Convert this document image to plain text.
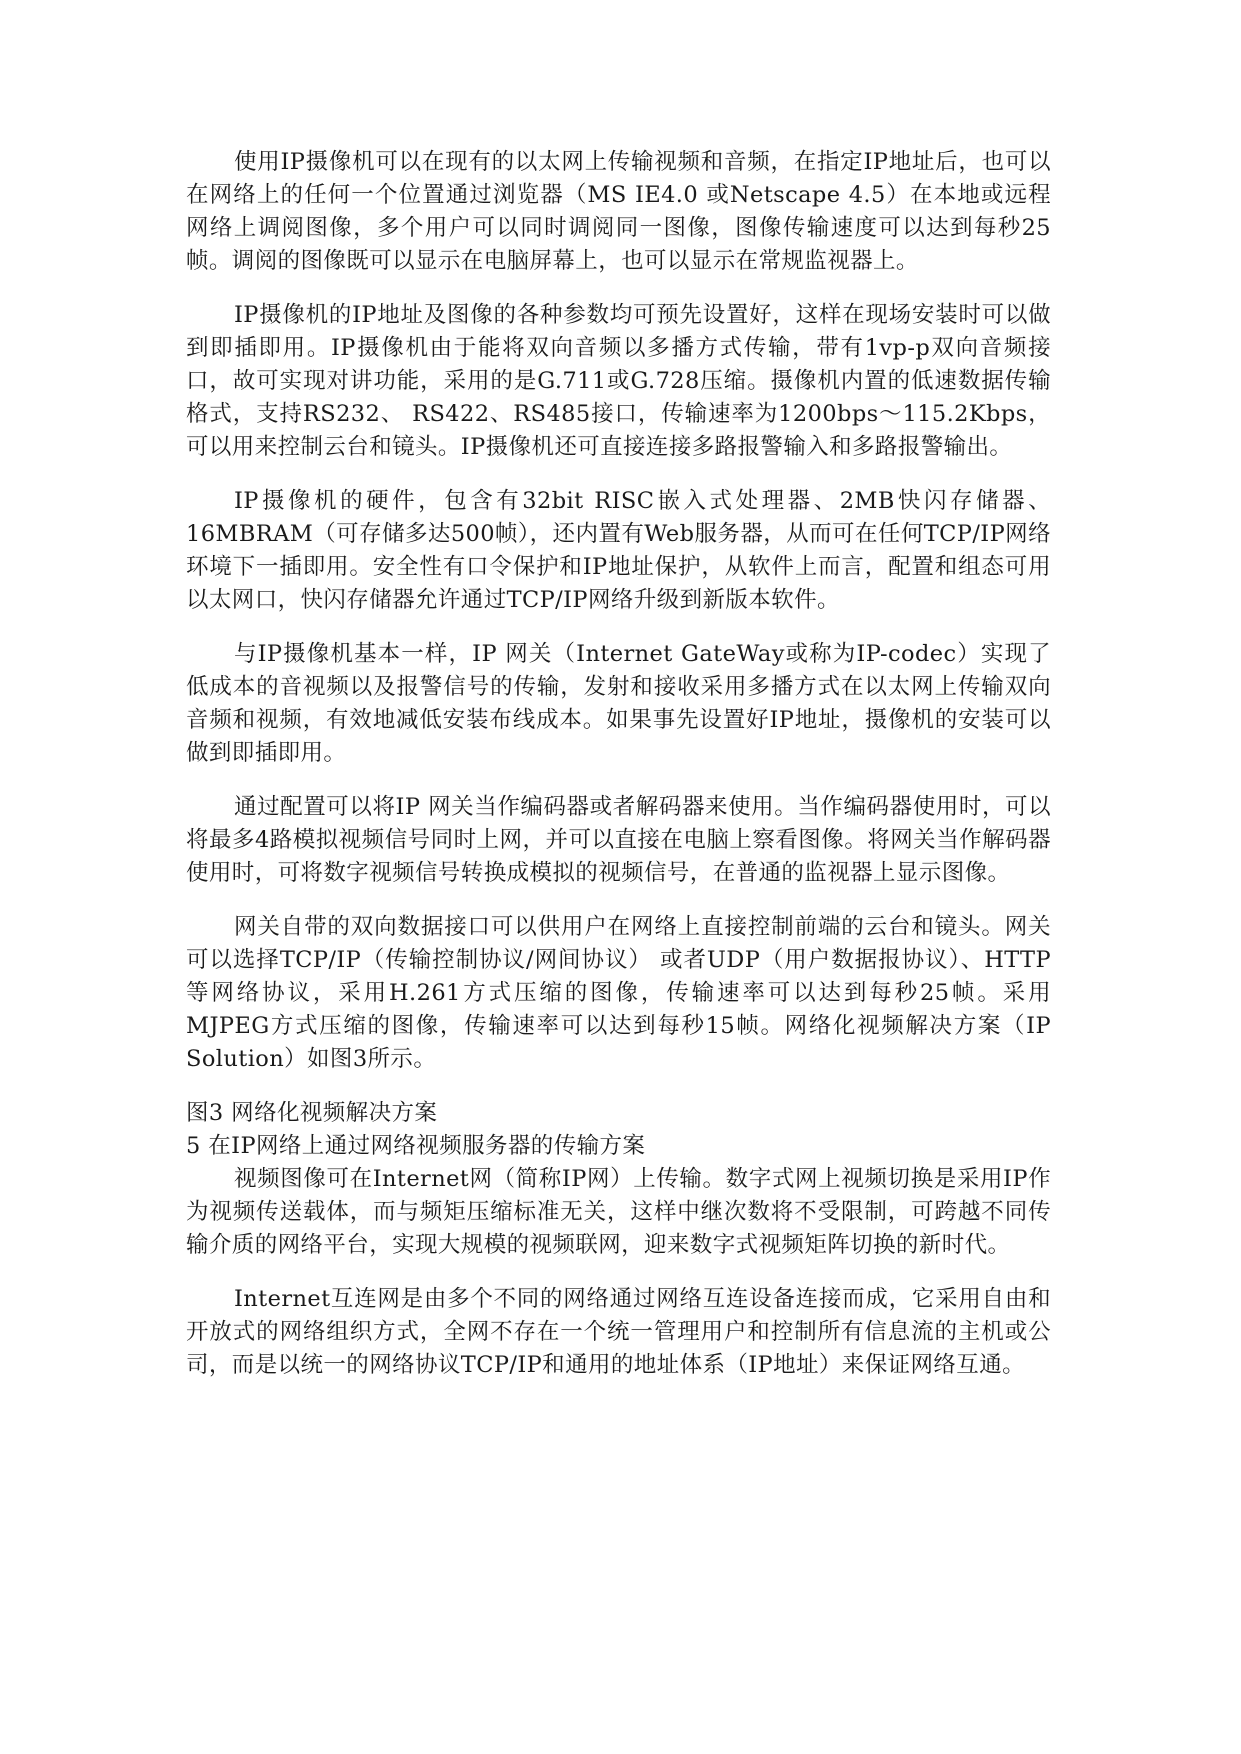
使用IP摄像机可以在现有的以太网上传输视频和音频，在指定IP地址后，也可以在网络上的任何一个位置通过浏览器（MS IE4.0 或Netscape 4.5）在本地或远程网络上调阅图像，多个用户可以同时调阅同一图像，图像传输速度可以达到每秒25帧。调阅的图像既可以显示在电脑屏幕上，也可以显示在常规监视器上。

IP摄像机的IP地址及图像的各种参数均可预先设置好，这样在现场安装时可以做到即插即用。IP摄像机由于能将双向音频以多播方式传输，带有1vp-p双向音频接口，故可实现对讲功能，采用的是G.711或G.728压缩。摄像机内置的低速数据传输格式，支持RS232、 RS422、RS485接口，传输速率为1200bps～115.2Kbps，可以用来控制云台和镜头。IP摄像机还可直接连接多路报警输入和多路报警输出。

IP摄像机的硬件，包含有32bit RISC嵌入式处理器、2MB快闪存储器、16MBRAM（可存储多达500帧），还内置有Web服务器，从而可在任何TCP/IP网络环境下一插即用。安全性有口令保护和IP地址保护，从软件上而言，配置和组态可用以太网口，快闪存储器允许通过TCP/IP网络升级到新版本软件。

与IP摄像机基本一样，IP 网关（Internet GateWay或称为IP-codec）实现了低成本的音视频以及报警信号的传输，发射和接收采用多播方式在以太网上传输双向音频和视频，有效地减低安装布线成本。如果事先设置好IP地址，摄像机的安装可以做到即插即用。

通过配置可以将IP 网关当作编码器或者解码器来使用。当作编码器使用时，可以将最多4路模拟视频信号同时上网，并可以直接在电脑上察看图像。将网关当作解码器使用时，可将数字视频信号转换成模拟的视频信号，在普通的监视器上显示图像。

网关自带的双向数据接口可以供用户在网络上直接控制前端的云台和镜头。网关可以选择TCP/IP（传输控制协议/网间协议） 或者UDP（用户数据报协议）、HTTP等网络协议，采用H.261方式压缩的图像，传输速率可以达到每秒25帧。采用MJPEG方式压缩的图像，传输速率可以达到每秒15帧。网络化视频解决方案（IP Solution）如图3所示。

图3 网络化视频解决方案

5 在IP网络上通过网络视频服务器的传输方案

视频图像可在Internet网（简称IP网）上传输。数字式网上视频切换是采用IP作为视频传送载体，而与频矩压缩标准无关，这样中继次数将不受限制，可跨越不同传输介质的网络平台，实现大规模的视频联网，迎来数字式视频矩阵切换的新时代。

Internet互连网是由多个不同的网络通过网络互连设备连接而成，它采用自由和开放式的网络组织方式，全网不存在一个统一管理用户和控制所有信息流的主机或公司，而是以统一的网络协议TCP/IP和通用的地址体系（IP地址）来保证网络互通。
